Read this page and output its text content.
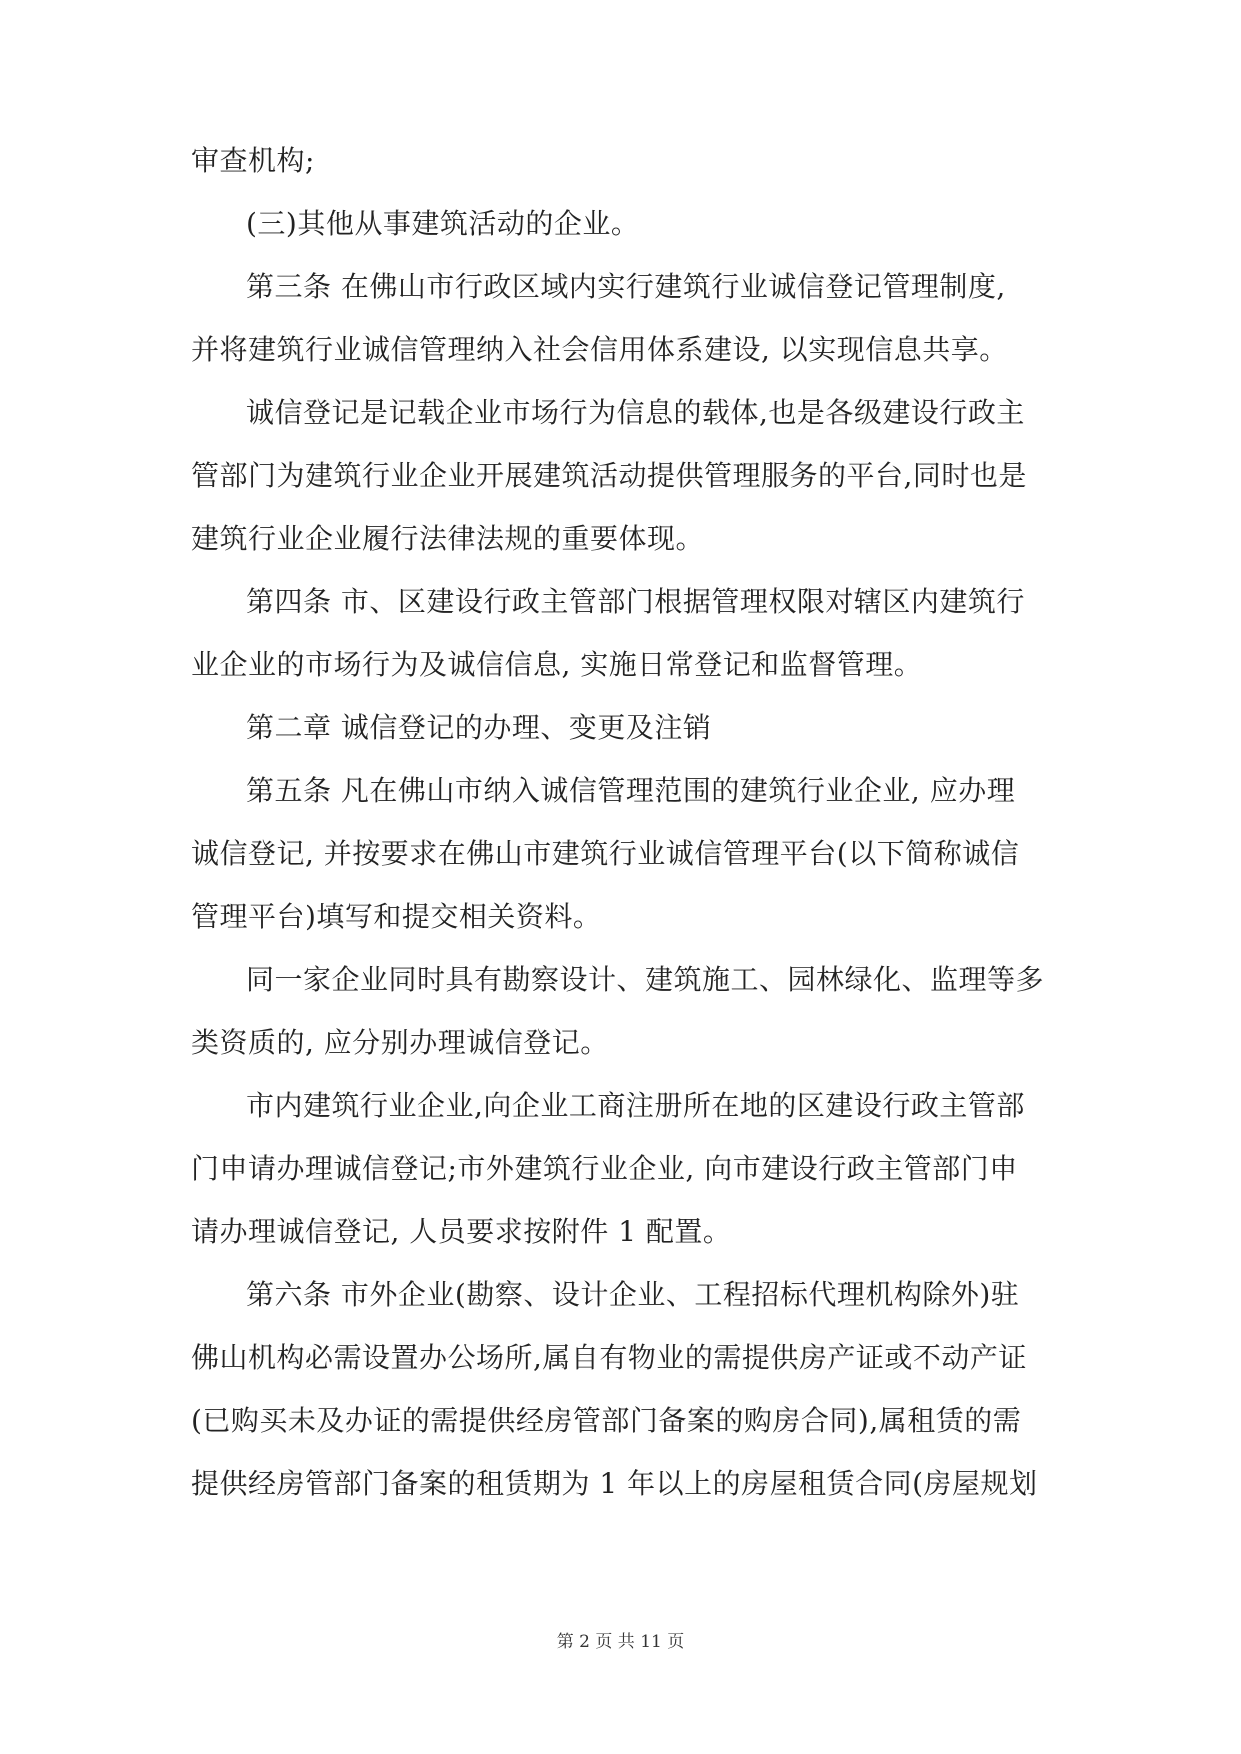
审查机构;
(三)其他从事建筑活动的企业。
第三条 在佛山市行政区域内实行建筑行业诚信登记管理制度,
并将建筑行业诚信管理纳入社会信用体系建设, 以实现信息共享。
诚信登记是记载企业市场行为信息的载体,也是各级建设行政主
管部门为建筑行业企业开展建筑活动提供管理服务的平台,同时也是
建筑行业企业履行法律法规的重要体现。
第四条 市、区建设行政主管部门根据管理权限对辖区内建筑行
业企业的市场行为及诚信信息, 实施日常登记和监督管理。
第二章 诚信登记的办理、变更及注销
第五条 凡在佛山市纳入诚信管理范围的建筑行业企业, 应办理
诚信登记, 并按要求在佛山市建筑行业诚信管理平台(以下简称诚信
管理平台)填写和提交相关资料。
同一家企业同时具有勘察设计、建筑施工、园林绿化、监理等多
类资质的, 应分别办理诚信登记。
市内建筑行业企业,向企业工商注册所在地的区建设行政主管部
门申请办理诚信登记;市外建筑行业企业, 向市建设行政主管部门申
请办理诚信登记, 人员要求按附件 1 配置。
第六条 市外企业(勘察、设计企业、工程招标代理机构除外)驻
佛山机构必需设置办公场所,属自有物业的需提供房产证或不动产证
(已购买未及办证的需提供经房管部门备案的购房合同),属租赁的需
提供经房管部门备案的租赁期为 1 年以上的房屋租赁合同(房屋规划
第 2 页 共 11 页
